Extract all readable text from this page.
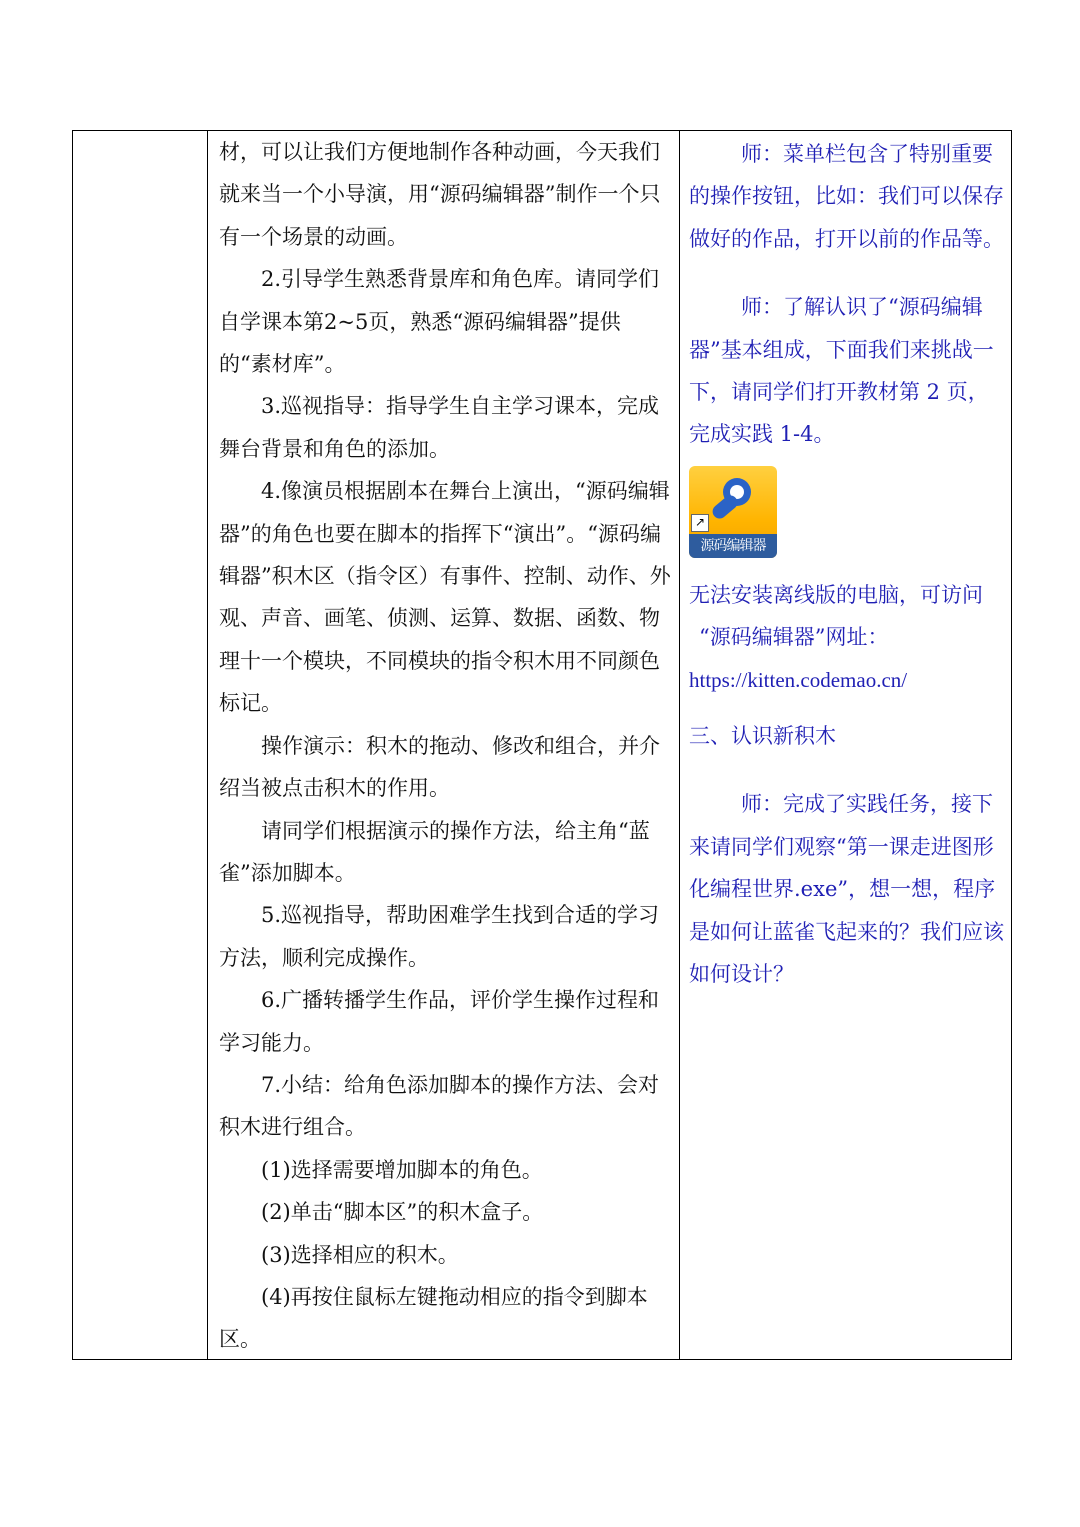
材，可以让我们方便地制作各种动画，今天我们就来当一个小导演，用“源码编辑器”制作一个只有一个场景的动画。

2.引导学生熟悉背景库和角色库。请同学们自学课本第2~5页，熟悉“源码编辑器”提供的“素材库”。

3.巡视指导：指导学生自主学习课本，完成舞台背景和角色的添加。

4.像演员根据剧本在舞台上演出，“源码编辑器”的角色也要在脚本的指挥下“演出”。“源码编辑器”积木区（指令区）有事件、控制、动作、外观、声音、画笔、侦测、运算、数据、函数、物理十一个模块，不同模块的指令积木用不同颜色标记。

操作演示：积木的拖动、修改和组合，并介绍当被点击积木的作用。

请同学们根据演示的操作方法，给主角“蓝雀”添加脚本。

5.巡视指导，帮助困难学生找到合适的学习方法，顺利完成操作。

6.广播转播学生作品，评价学生操作过程和学习能力。

7.小结：给角色添加脚本的操作方法、会对积木进行组合。

(1)选择需要增加脚本的角色。

(2)单击“脚本区”的积木盒子。

(3)选择相应的积木。

(4)再按住鼠标左键拖动相应的指令到脚本区。

师：菜单栏包含了特别重要的操作按钮，比如：我们可以保存做好的作品，打开以前的作品等。

师：了解认识了“源码编辑器”基本组成，下面我们来挑战一下，请同学们打开教材第 2 页，完成实践 1-4。

↗
源码编辑器

无法安装离线版的电脑，可访问

“源码编辑器”网址：

https://kitten.codemao.cn/

三、认识新积木

师：完成了实践任务，接下来请同学们观察“第一课走进图形化编程世界.exe”，想一想，程序是如何让蓝雀飞起来的？我们应该如何设计？
